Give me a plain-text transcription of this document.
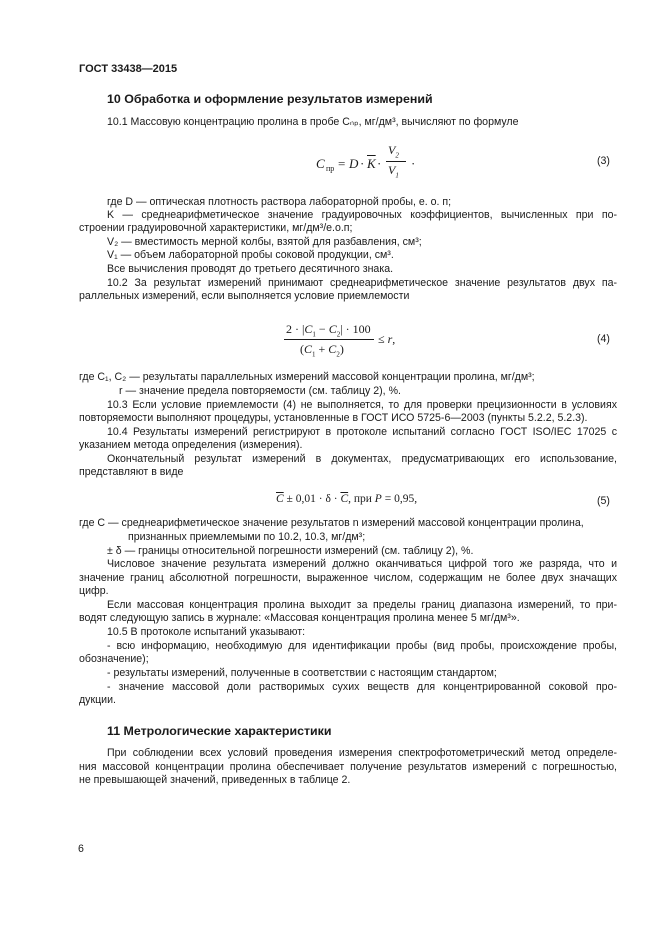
ГОСТ 33438—2015
10 Обработка и оформление результатов измерений
10.1 Массовую концентрацию пролина в пробе Сₙₚ, мг/дм³, вычисляют по формуле
C пр = $D \cdot \overline{K}$ ·
$V_2$
$V_1$
·	(3)
где D — оптическая плотность раствора лабораторной пробы, е. о. п;
K — среднеарифметическое значение градуировочных коэффициентов, вычисленных при по-
строении градуировочной характеристики, мг/дм³/е.о.п;
V₂ — вместимость мерной колбы, взятой для разбавления, см³;
V₁ — объем лабораторной пробы соковой продукции, см³.
Все вычисления проводят до третьего десятичного знака.
10.2 За результат измерений принимают среднеарифметическое значение результатов двух па-
раллельных измерений, если выполняется условие приемлемости
$2 \cdot |C_1 - C_2| \cdot 100$
$(C_1 + C_2)$
≤ r,	(4)
где С₁, С₂ — результаты параллельных измерений массовой концентрации пролина, мг/дм³;
r — значение предела повторяемости (см. таблицу 2), %.
10.3 Если условие приемлемости (4) не выполняется, то для проверки прецизионности в условиях
повторяемости выполняют процедуры, установленные в ГОСТ ИСО 5725-6—2003 (пункты 5.2.2, 5.2.3).
10.4 Результаты измерений регистрируют в протоколе испытаний согласно ГОСТ ISO/IEC 17025 с
указанием метода определения (измерения).
Окончательный результат измерений в документах, предусматривающих его использование,
представляют в виде
$\overline{C} \pm 0,01 \cdot \delta \cdot \overline{C}$, при P = 0,95,	(5)
где C — среднеарифметическое значение результатов n измерений массовой концентрации пролина,
признанных приемлемыми по 10.2, 10.3, мг/дм³;
± δ — границы относительной погрешности измерений (см. таблицу 2), %.
Числовое значение результата измерений должно оканчиваться цифрой того же разряда, что и
значение границ абсолютной погрешности, выраженное числом, содержащим не более двух значащих
цифр.
Если массовая концентрация пролина выходит за пределы границ диапазона измерений, то при-
водят следующую запись в журнале: «Массовая концентрация пролина менее 5 мг/дм³».
10.5 В протоколе испытаний указывают:
- всю информацию, необходимую для идентификации пробы (вид пробы, происхождение пробы,
обозначение);
- результаты измерений, полученные в соответствии с настоящим стандартом;
- значение массовой доли растворимых сухих веществ для концентрированной соковой про-
дукции.
11 Метрологические характеристики
При соблюдении всех условий проведения измерения спектрофотометрический метод определе-
ния массовой концентрации пролина обеспечивает получение результатов измерений с погрешностью,
не превышающей значений, приведенных в таблице 2.
6
